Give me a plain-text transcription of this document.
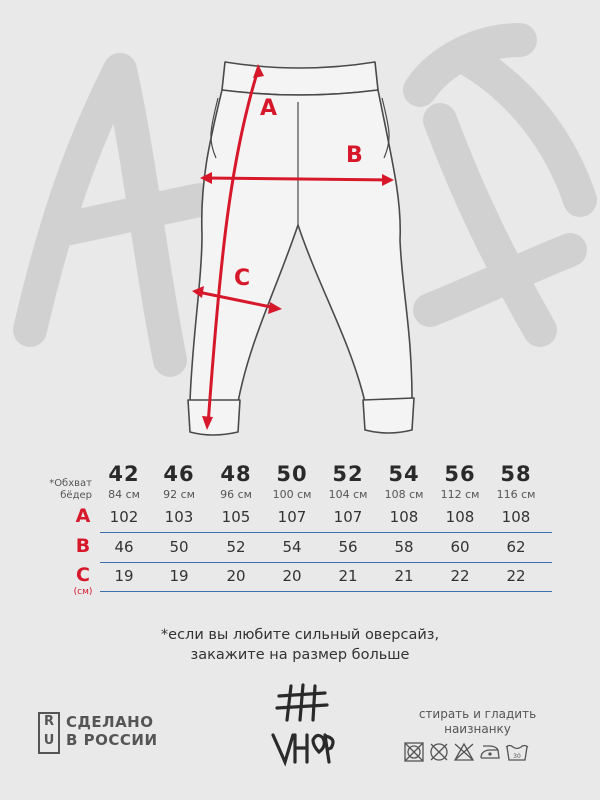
A
B
C
42	46	48	50	52	54	56	58
*Обхват
бёдер	84 см	92 см	96 см	100 см	104 см	108 см	112 см	116 см
A	102	103	105	107	107	108	108	108
B	46	50	52	54	56	58	60	62
C	19	19	20	20	21	21	22	22
(см)
*если вы любите сильный оверсайз,
закажите на размер больше
R
U
СДЕЛАНО
В РОССИИ
стирать и гладить
наизнанку
30
